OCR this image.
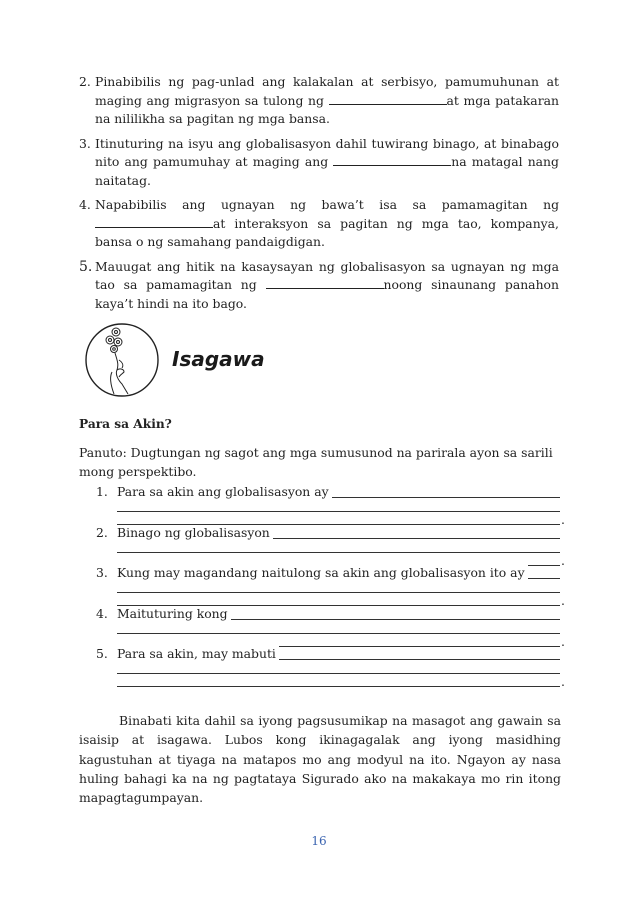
2. Pinabibilis ng pag-unlad ang kalakalan at serbisyo, pamumuhunan at maging ang migrasyon sa tulong ng	at mga patakaran na nililikha sa pagitan ng mga bansa.
3. Itinuturing na isyu ang globalisasyon dahil tuwirang binago, at binabago nito ang pamumuhay at maging ang	na matagal nang naitatag.
4. Napabibilis ang ugnayan ng bawa’t isa sa pamamagitan ng at interaksyon sa pagitan ng mga tao, kompanya, bansa o ng samahang pandaigdigan.
5. Mauugat ang hitik na kasaysayan ng globalisasyon sa ugnayan ng mga tao sa pamamagitan ng	noong sinaunang panahon kaya’t hindi na ito bago.
Isagawa
Para sa Akin?
Panuto: Dugtungan ng sagot ang mga sumusunod na parirala ayon sa sarili mong perspektibo.
.
1. Para sa akin ang globalisasyon ay
.
2. Binago ng globalisasyon
.
3. Kung may magandang naitulong sa akin ang globalisasyon ito ay
.
4. Maituturing kong
.
5. Para sa akin, may mabuti
Binabati kita dahil sa iyong pagsusumikap na masagot ang gawain sa isaisip at isagawa. Lubos kong ikinagagalak ang iyong masidhing kagustuhan at tiyaga na matapos mo ang modyul na ito. Ngayon ay nasa huling bahagi ka na ng pagtataya Sigurado ako na makakaya mo rin itong mapagtagumpayan.
16
